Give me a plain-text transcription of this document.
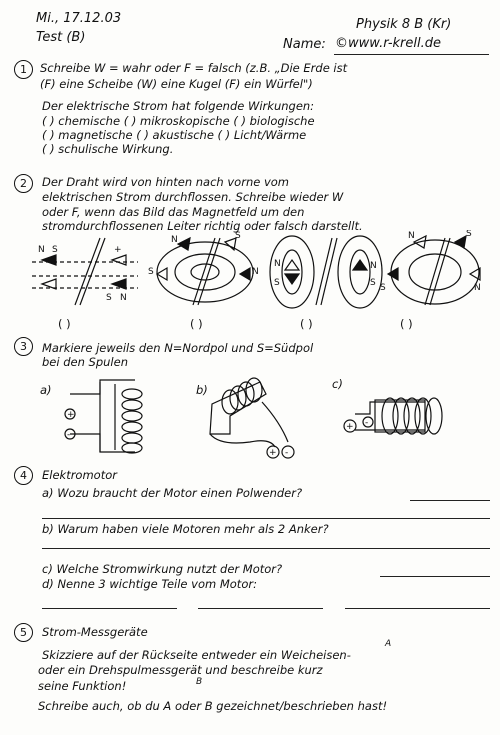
Mi., 17.12.03
Test (B)
Physik 8 B (Kr)
Name: ©www.r-krell.de
1	Schreibe W = wahr oder F = falsch (z.B. „Die Erde ist
(F) eine Scheibe (W) eine Kugel (F) ein Würfel")
Der elektrische Strom hat folgende Wirkungen:
( ) chemische ( ) mikroskopische ( ) biologische
( ) magnetische ( ) akustische ( ) Licht/Wärme
( ) schulische Wirkung.
2	Der Draht wird von hinten nach vorne vom
elektrischen Strom durchflossen. Schreibe wieder W
oder F, wenn das Bild das Magnetfeld um den
stromdurchflossenen Leiter richtig oder falsch darstellt.
N S	+
N
S
N	S
S	N
N
S
N
S
N	S
S	N
( )	( )	( )	( )
3	Markiere jeweils den N=Nordpol und S=Südpol
bei den Spulen
a)	b)	c)
+
-
+ -
+ -
4	Elektromotor
a) Wozu braucht der Motor einen Polwender?
b) Warum haben viele Motoren mehr als 2 Anker?
c) Welche Stromwirkung nutzt der Motor?
d) Nenne 3 wichtige Teile vom Motor:
5	Strom-Messgeräte
A
Skizziere auf der Rückseite entweder ein Weicheisen-
oder ein Drehspulmessgerät und beschreibe kurz
seine Funktion!	B
Schreibe auch, ob du A oder B gezeichnet/beschrieben hast!
